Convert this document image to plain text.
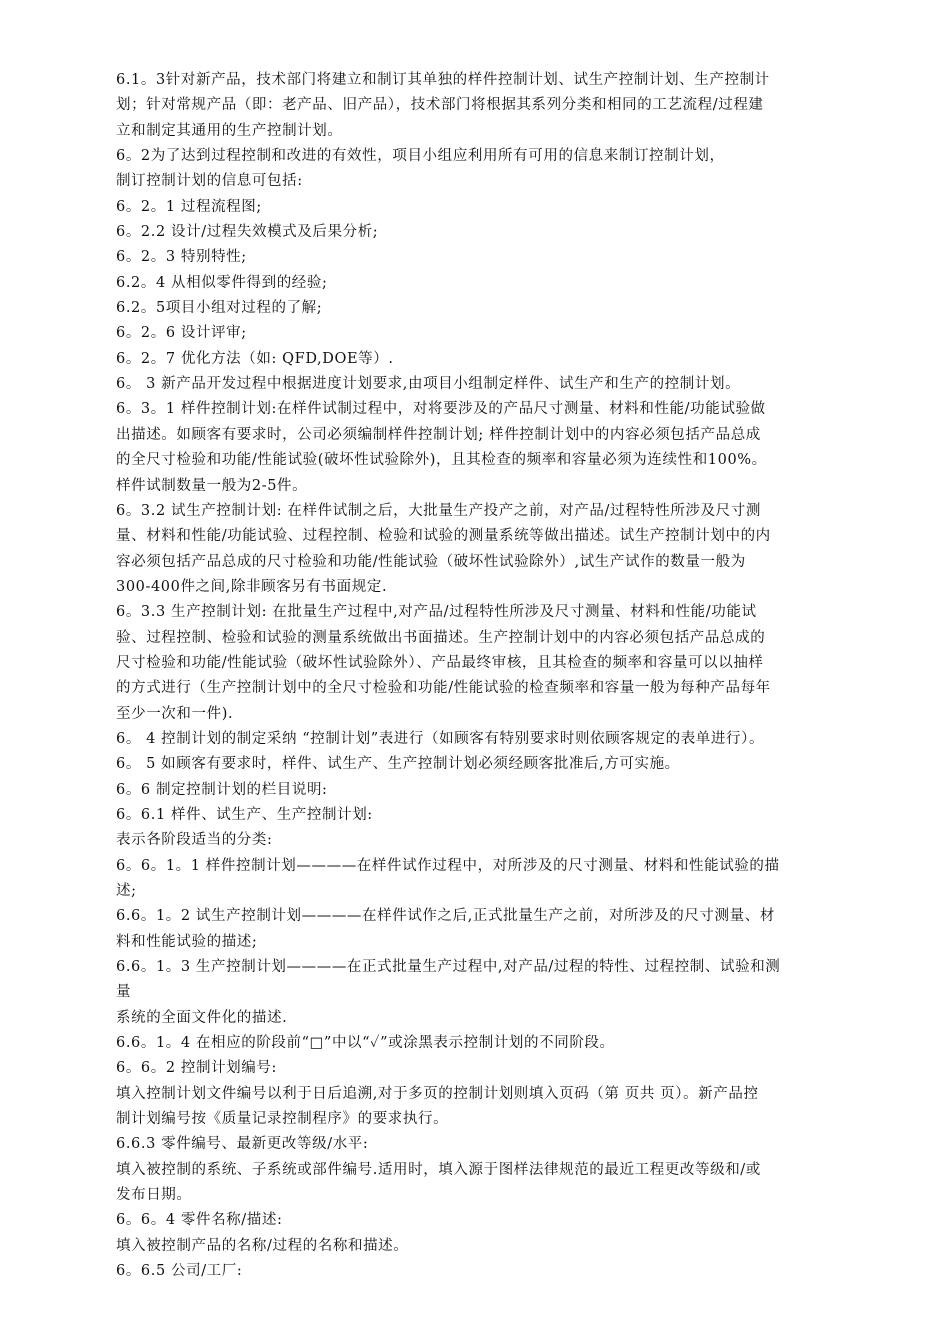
6.1。3针对新产品，技术部门将建立和制订其单独的样件控制计划、试生产控制计划、生产控制计
划；针对常规产品（即：老产品、旧产品），技术部门将根据其系列分类和相同的工艺流程/过程建
立和制定其通用的生产控制计划。
6。2为了达到过程控制和改进的有效性，项目小组应利用所有可用的信息来制订控制计划，
制订控制计划的信息可包括:
6。2。1 过程流程图;
6。2.2 设计/过程失效模式及后果分析;
6。2。3 特别特性;
6.2。4 从相似零件得到的经验;
6.2。5项目小组对过程的了解;
6。2。6 设计评审;
6。2。7 优化方法（如: QFD,DOE等）.
6。 3 新产品开发过程中根据进度计划要求,由项目小组制定样件、试生产和生产的控制计划。
6。3。1 样件控制计划:在样件试制过程中，对将要涉及的产品尺寸测量、材料和性能/功能试验做
出描述。如顾客有要求时，公司必须编制样件控制计划; 样件控制计划中的内容必须包括产品总成
的全尺寸检验和功能/性能试验(破坏性试验除外)，且其检查的频率和容量必须为连续性和100%。
样件试制数量一般为2-5件。
6。3.2 试生产控制计划: 在样件试制之后，大批量生产投产之前，对产品/过程特性所涉及尺寸测
量、材料和性能/功能试验、过程控制、检验和试验的测量系统等做出描述。试生产控制计划中的内
容必须包括产品总成的尺寸检验和功能/性能试验（破坏性试验除外）,试生产试作的数量一般为
300-400件之间,除非顾客另有书面规定.
6。3.3 生产控制计划: 在批量生产过程中,对产品/过程特性所涉及尺寸测量、材料和性能/功能试
验、过程控制、检验和试验的测量系统做出书面描述。生产控制计划中的内容必须包括产品总成的
尺寸检验和功能/性能试验（破坏性试验除外）、产品最终审核，且其检查的频率和容量可以以抽样
的方式进行（生产控制计划中的全尺寸检验和功能/性能试验的检查频率和容量一般为每种产品每年
至少一次和一件).
6。 4 控制计划的制定采纳 “控制计划”表进行（如顾客有特别要求时则依顾客规定的表单进行）。
6。 5 如顾客有要求时，样件、试生产、生产控制计划必须经顾客批准后,方可实施。
6。6 制定控制计划的栏目说明:
6。6.1 样件、试生产、生产控制计划:
表示各阶段适当的分类:
6。6。1。1 样件控制计划————在样件试作过程中，对所涉及的尺寸测量、材料和性能试验的描
述;
6.6。1。2 试生产控制计划————在样件试作之后,正式批量生产之前，对所涉及的尺寸测量、材
料和性能试验的描述;
6.6。1。3 生产控制计划————在正式批量生产过程中,对产品/过程的特性、过程控制、试验和测
量
系统的全面文件化的描述.
6.6。1。4 在相应的阶段前“□”中以“✓”或涂黑表示控制计划的不同阶段。
6。6。2 控制计划编号:
填入控制计划文件编号以利于日后追溯,对于多页的控制计划则填入页码（第 页共 页）。新产品控
制计划编号按《质量记录控制程序》的要求执行。
6.6.3 零件编号、最新更改等级/水平:
填入被控制的系统、子系统或部件编号.适用时，填入源于图样法律规范的最近工程更改等级和/或
发布日期。
6。6。4 零件名称/描述:
填入被控制产品的名称/过程的名称和描述。
6。6.5 公司/工厂:
